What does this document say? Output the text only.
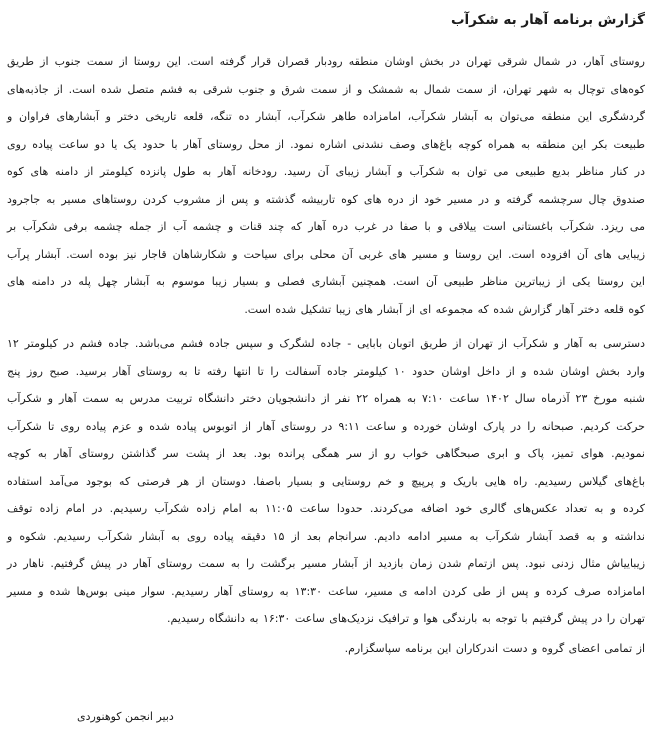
گزارش برنامه آهار به شکرآب
روستای آهار، در شمال شرقی تهران در بخش اوشان منطقه رودبار قصران قرار گرفته است. این روستا از سمت جنوب از طریق
کوه‌های توچال به شهر تهران، از سمت شمال به شمشک و از سمت شرق و جنوب شرقی به فشم متصل شده است. از جاذبه‌های
گردشگری این منطقه می‌توان به آبشار شکرآب، امامزاده طاهر شکرآب، آبشار ده تنگه، قلعه تاریخی دختر و آبشارهای فراوان و
طبیعت بکر این منطقه به همراه کوچه باغ‌های وصف نشدنی اشاره نمود. از محل روستای آهار با حدود یک یا دو ساعت پیاده روی
در کنار مناظر بدیع طبیعی می توان به شکرآب و آبشار زیبای آن رسید. رودخانه آهار به طول پانزده کیلومتر از دامنه های کوه
صندوق چال سرچشمه گرفته و در مسیر خود از دره های کوه تاربیشه گذشته و پس از مشروب کردن روستاهای مسیر به جاجرود
می ریزد. شکرآب باغستانی است ییلاقی و با صفا در غرب دره آهار که چند قنات و چشمه آب از جمله چشمه برفی شکرآب بر
زیبایی های آن افزوده است. این روستا و مسیر های غربی آن محلی برای سیاحت و شکارشاهان قاجار نیز بوده است. آبشار پرآب
این روستا یکی از زیباترین مناظر طبیعی آن است. همچنین آبشاری فصلی و بسیار زیبا موسوم به آبشار چهل پله در دامنه های
کوه قلعه دختر آهار گزارش شده که مجموعه ای از آبشار های زیبا تشکیل شده است.
دسترسی به آهار و شکرآب از تهران از طریق اتوبان بابایی - جاده لشگرک و سپس جاده فشم می‌باشد. جاده فشم در کیلومتر ۱۲
وارد بخش اوشان شده و از داخل اوشان حدود ۱۰ کیلومتر جاده آسفالت را تا انتها رفته تا به روستای آهار برسید. صبح روز پنج
شنبه مورخ ۲۳ آذرماه سال ۱۴۰۲ ساعت ۷:۱۰ به همراه ۲۲ نفر از دانشجویان دختر دانشگاه تربیت مدرس به سمت آهار و شکرآب
حرکت کردیم. صبحانه را در پارک اوشان خورده و ساعت ۹:۱۱ در روستای آهار از اتوبوس پیاده شده و عزم پیاده روی تا شکرآب
نمودیم. هوای تمیز، پاک و ابری صبحگاهی خواب رو از سر همگی پرانده بود. بعد از پشت سر گذاشتن روستای آهار به کوچه
باغ‌های گیلاس رسیدیم. راه هایی باریک و پرپیچ و خم روستایی و بسیار باصفا. دوستان از هر فرصتی که بوجود می‌آمد استفاده
کرده و به تعداد عکس‌های گالری خود اضافه می‌کردند. حدودا ساعت ۱۱:۰۵ به امام زاده شکرآب رسیدیم. در امام زاده توقف
نداشته و به قصد آبشار شکرآب به مسیر ادامه دادیم. سرانجام بعد از ۱۵ دقیقه پیاده روی به آبشار شکرآب رسیدیم. شکوه و
زیباییاش مثال زدنی نبود. پس ازتمام شدن زمان بازدید از آبشار مسیر برگشت را به سمت روستای آهار در پیش گرفتیم. ناهار در
امامزاده صرف کرده و پس از طی کردن ادامه ی مسیر، ساعت ۱۳:۳۰ به روستای آهار رسیدیم. سوار مینی بوس‌ها شده و مسیر
تهران را در پیش گرفتیم با توجه به بارندگی هوا و ترافیک نزدیک‌های ساعت ۱۶:۳۰ به دانشگاه رسیدیم.

از تمامی اعضای گروه و دست اندرکاران این برنامه سپاسگزارم.

دبیر انجمن کوهنوردی
